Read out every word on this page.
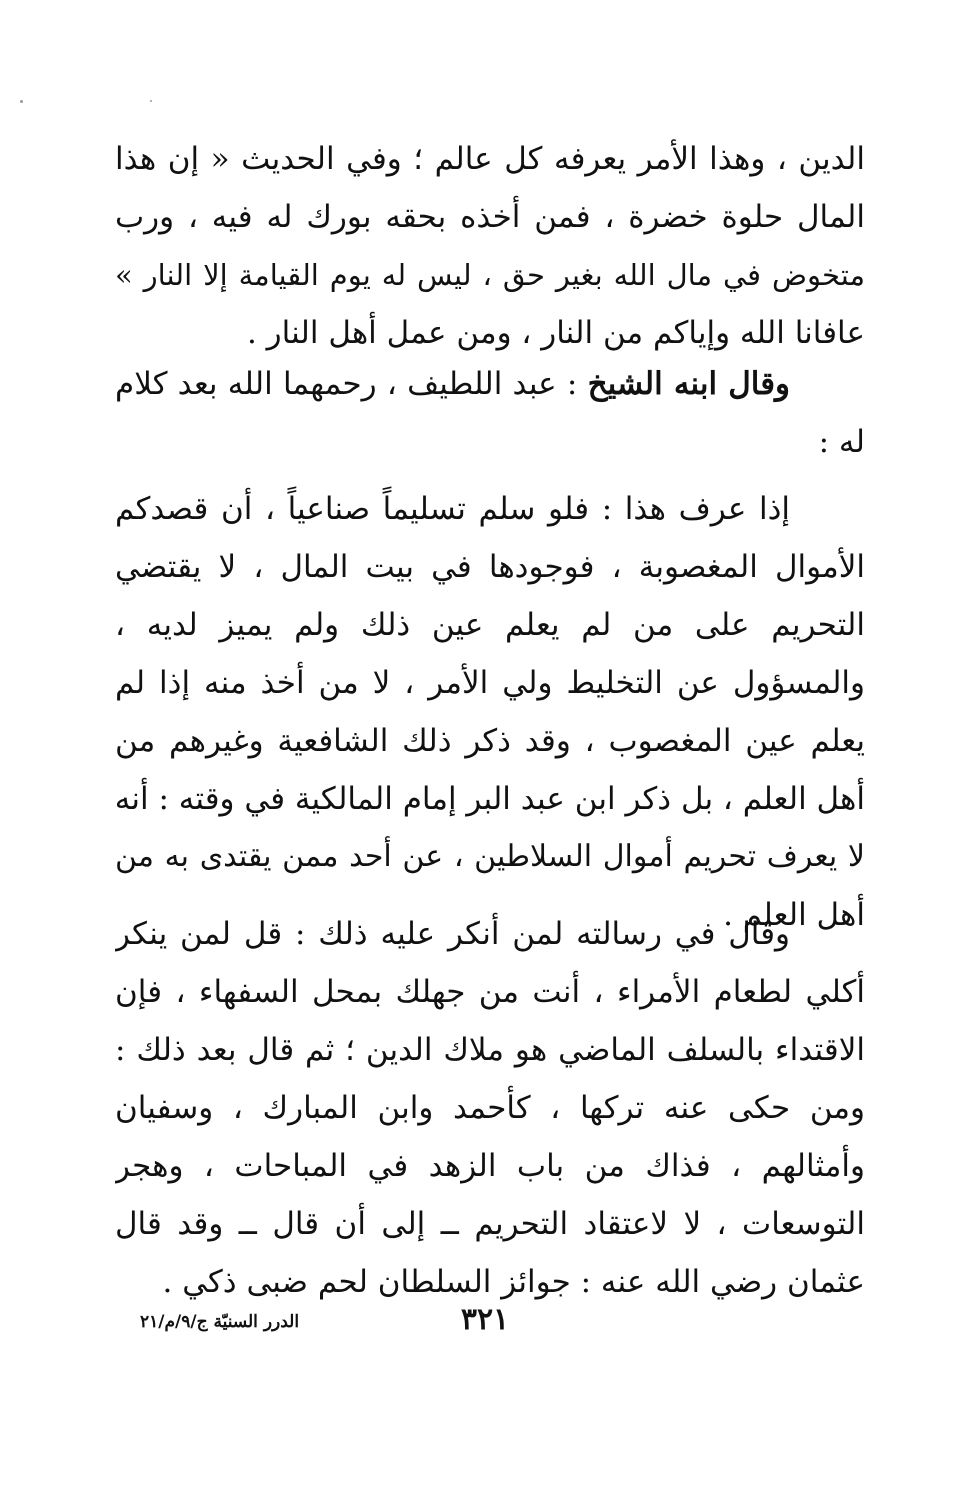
الدين ، وهذا الأمر يعرفه كل عالم ؛ وفي الحديث « إن هذا
المال حلوة خضرة ، فمن أخذه بحقه بورك له فيه ، ورب
متخوض في مال الله بغير حق ، ليس له يوم القيامة إلا النار »
عافانا الله وإياكم من النار ، ومن عمل أهل النار .
وقال ابنه الشيخ : عبد اللطيف ، رحمهما الله بعد كلام
له :
إذا عرف هذا : فلو سلم تسليماً صناعياً ، أن قصدكم
الأموال المغصوبة ، فوجودها في بيت المال ، لا يقتضي
التحريم على من لم يعلم عين ذلك ولم يميز لديه ،
والمسؤول عن التخليط ولي الأمر ، لا من أخذ منه إذا لم
يعلم عين المغصوب ، وقد ذكر ذلك الشافعية وغيرهم من
أهل العلم ، بل ذكر ابن عبد البر إمام المالكية في وقته : أنه
لا يعرف تحريم أموال السلاطين ، عن أحد ممن يقتدى به من
أهل العلم .
وقال في رسالته لمن أنكر عليه ذلك : قل لمن ينكر
أكلي لطعام الأمراء ، أنت من جهلك بمحل السفهاء ، فإن
الاقتداء بالسلف الماضي هو ملاك الدين ؛ ثم قال بعد ذلك :
ومن حكى عنه تركها ، كأحمد وابن المبارك ، وسفيان
وأمثالهم ، فذاك من باب الزهد في المباحات ، وهجر
التوسعات ، لا لاعتقاد التحريم ــ إلى أن قال ــ وقد قال
عثمان رضي الله عنه : جوائز السلطان لحم ضبى ذكي .
٣٢١
الدرر السنيّة ج/٩/م/٢١
